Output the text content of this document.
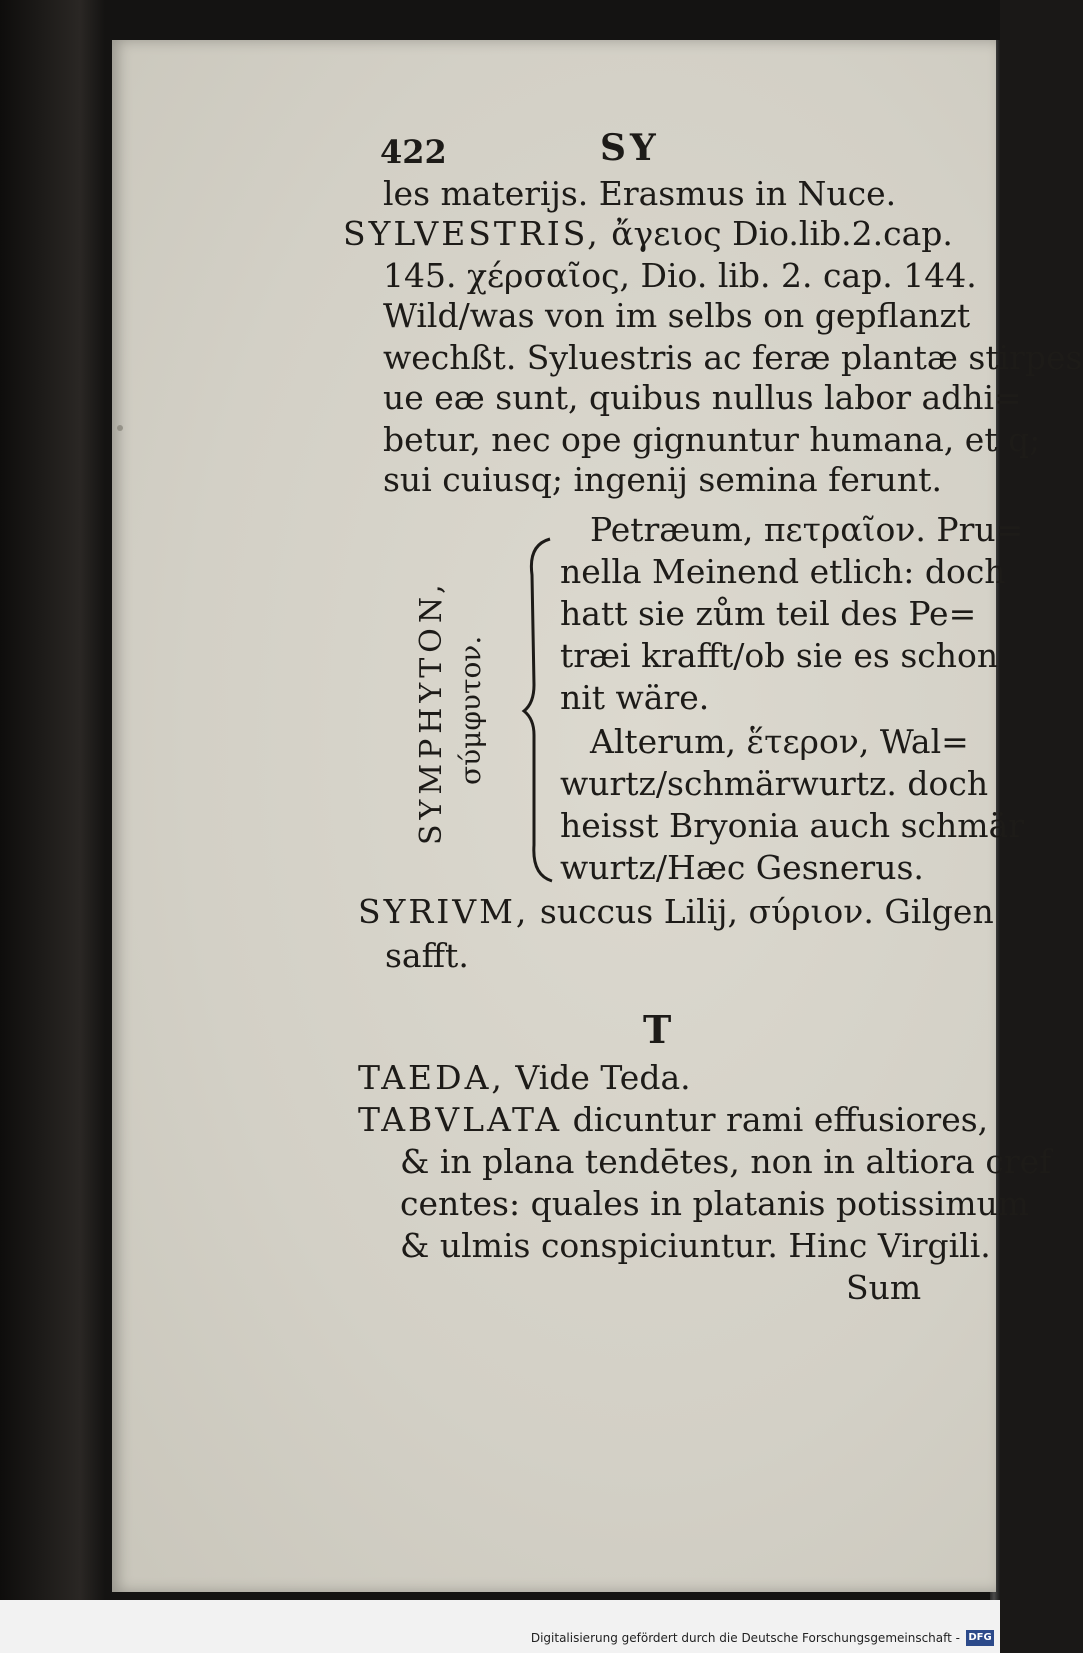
422	SY
les materijs. Erasmus in Nuce.
SYLVESTRIS, ἄγειος Dio.lib.2.cap.
145. χέρσαῖος, Dio. lib. 2. cap. 144.
Wild/was von im selbs on gepflanzt
wechßt. Syluestris ac feræ plantæ stirpes
ue eæ sunt, quibus nullus labor adhi=
betur, nec ope gignuntur humana, et q;
sui cuiusq; ingenij semina ferunt.
SYMPHYTON, σύμφυτον.
Petræum, πετραῖον. Pru=
nella Meinend etlich: doch
hatt sie zům teil des Pe=
træi krafft/ob sie es schon
nit wäre.
Alterum, ἕτερον, Wal=
wurtz/schmärwurtz. doch
heisst Bryonia auch schmär
wurtz/Hæc Gesnerus.
SYRIVM, succus Lilij, σύριον. Gilgen
safft.
T
TAEDA, Vide Teda.
TABVLATA dicuntur rami effusiores,
& in plana tendētes, non in altiora cref
centes: quales in platanis potissimum
& ulmis conspiciuntur. Hinc Virgili.
Sum
Digitalisierung gefördert durch die Deutsche Forschungsgemeinschaft - DFG
